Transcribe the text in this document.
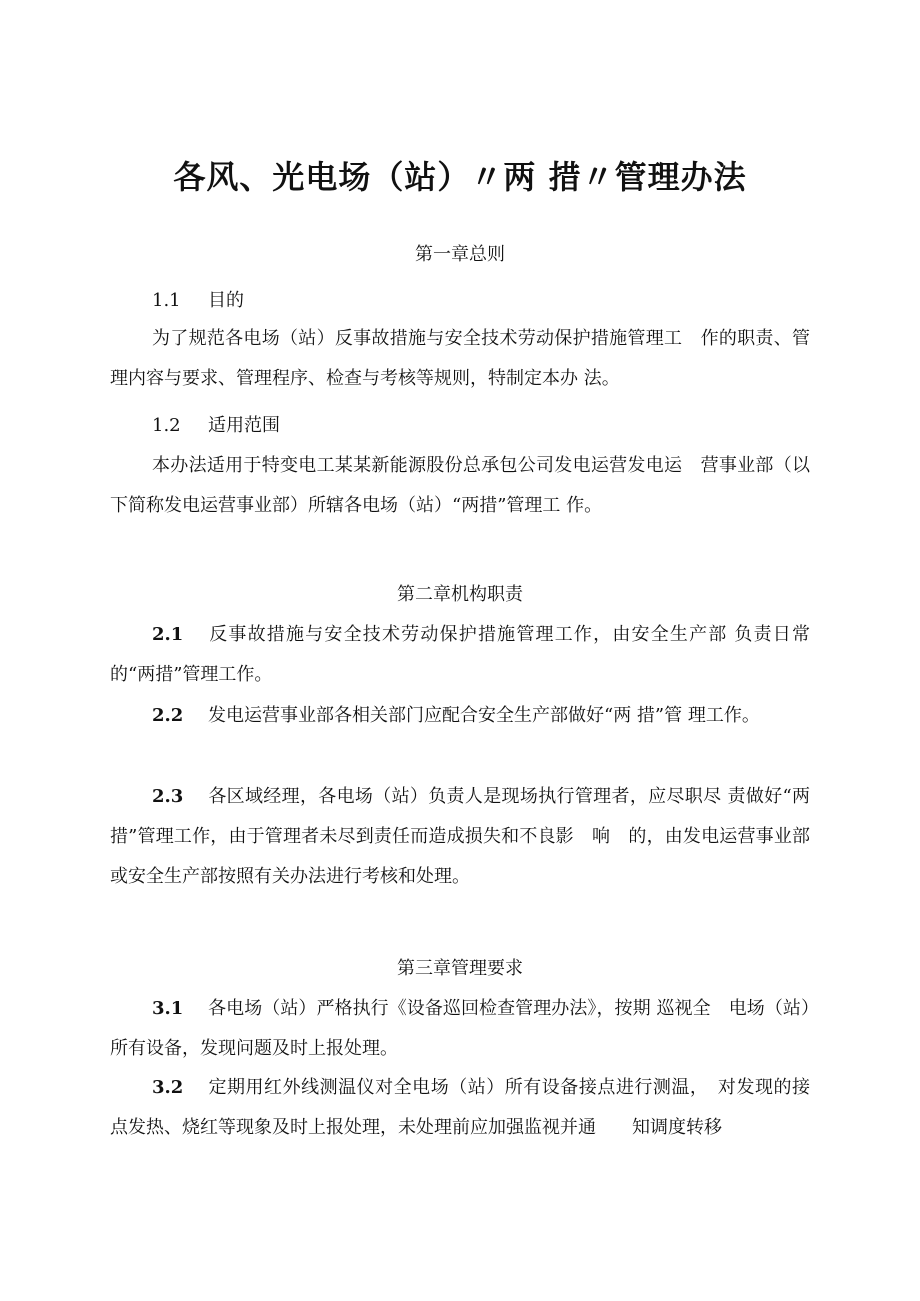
各风、光电场（站）〃两 措〃管理办法
第一章总则
1.1 目的
为了规范各电场（站）反事故措施与安全技术劳动保护措施管理工　作的职责、管理内容与要求、管理程序、检查与考核等规则，特制定本办 法。
1.2 适用范围
本办法适用于特变电工某某新能源股份总承包公司发电运营发电运　营事业部（以下简称发电运营事业部）所辖各电场（站）“两措”管理工 作。
第二章机构职责
2.1 反事故措施与安全技术劳动保护措施管理工作，由安全生产部 负责日常的“两措”管理工作。
2.2 发电运营事业部各相关部门应配合安全生产部做好“两 措”管 理工作。
2.3 各区域经理，各电场（站）负责人是现场执行管理者，应尽职尽 责做好“两　措”管理工作，由于管理者未尽到责任而造成损失和不良影　响　的，由发电运营事业部或安全生产部按照有关办法进行考核和处理。
第三章管理要求
3.1 各电场（站）严格执行《设备巡回检查管理办法》，按期 巡视全　电场（站）所有设备，发现问题及时上报处理。
3.2 定期用红外线测温仪对全电场（站）所有设备接点进行测温，　对发现的接点发热、烧红等现象及时上报处理，未处理前应加强监视并通　　知调度转移
